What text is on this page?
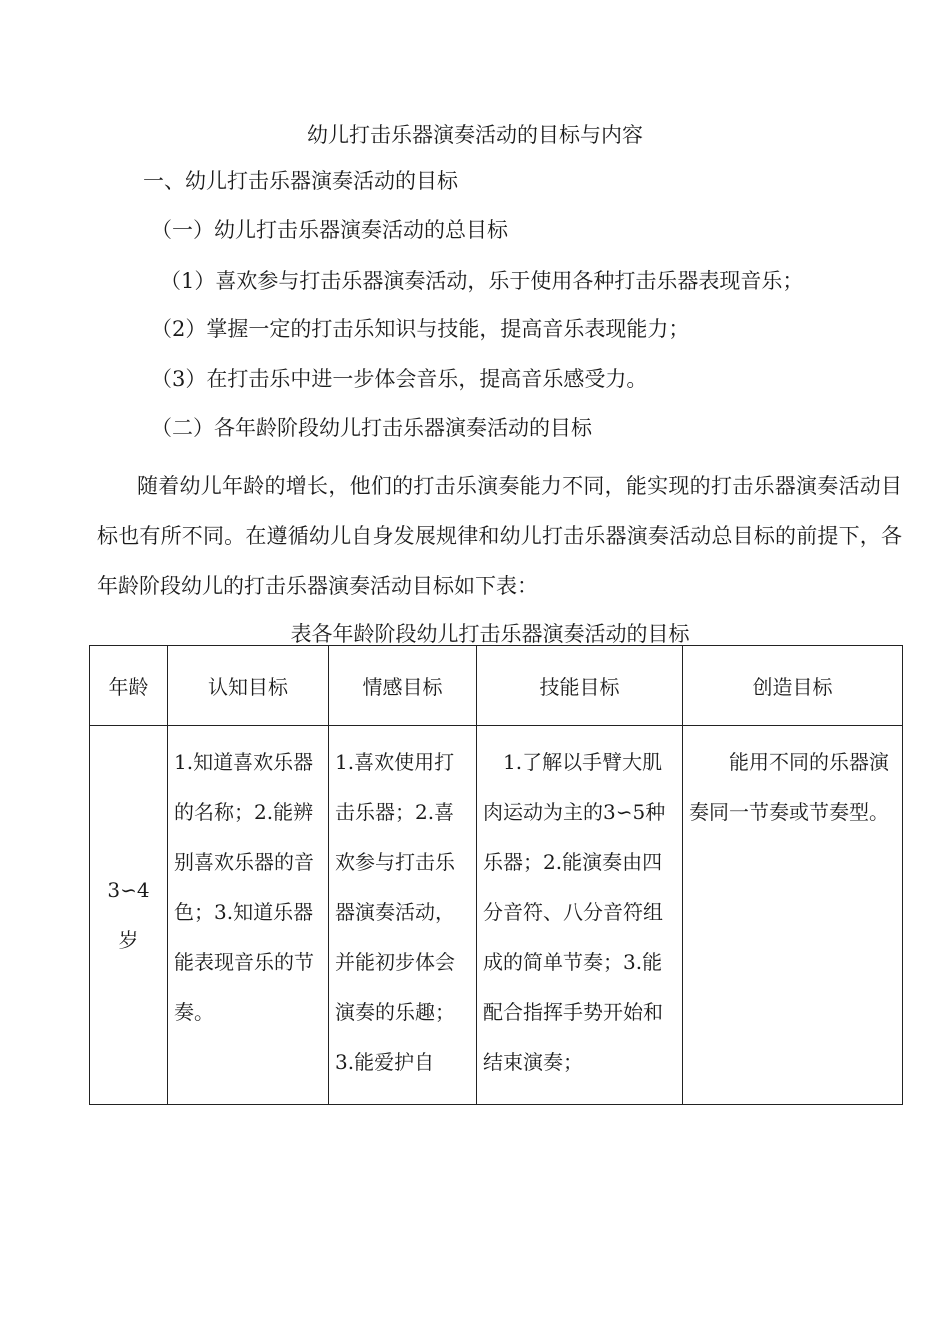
幼儿打击乐器演奏活动的目标与内容
一、幼儿打击乐器演奏活动的目标
（一）幼儿打击乐器演奏活动的总目标
（1）喜欢参与打击乐器演奏活动，乐于使用各种打击乐器表现音乐；
（2）掌握一定的打击乐知识与技能，提高音乐表现能力；
（3）在打击乐中进一步体会音乐，提高音乐感受力。
（二）各年龄阶段幼儿打击乐器演奏活动的目标
随着幼儿年龄的增长，他们的打击乐演奏能力不同，能实现的打击乐器演奏活动目标也有所不同。在遵循幼儿自身发展规律和幼儿打击乐器演奏活动总目标的前提下，各年龄阶段幼儿的打击乐器演奏活动目标如下表：
表各年龄阶段幼儿打击乐器演奏活动的目标
年龄	认知目标	情感目标	技能目标	创造目标

3∽4
岁	1.知道喜欢乐器的名称；2.能辨别喜欢乐器的音色；3.知道乐器能表现音乐的节奏。	1.喜欢使用打击乐器；2.喜欢参与打击乐器演奏活动，并能初步体会演奏的乐趣；3.能爱护自	1.了解以手臂大肌肉运动为主的3∽5种乐器；2.能演奏由四分音符、八分音符组成的简单节奏；3.能配合指挥手势开始和结束演奏；	能用不同的乐器演奏同一节奏或节奏型。
